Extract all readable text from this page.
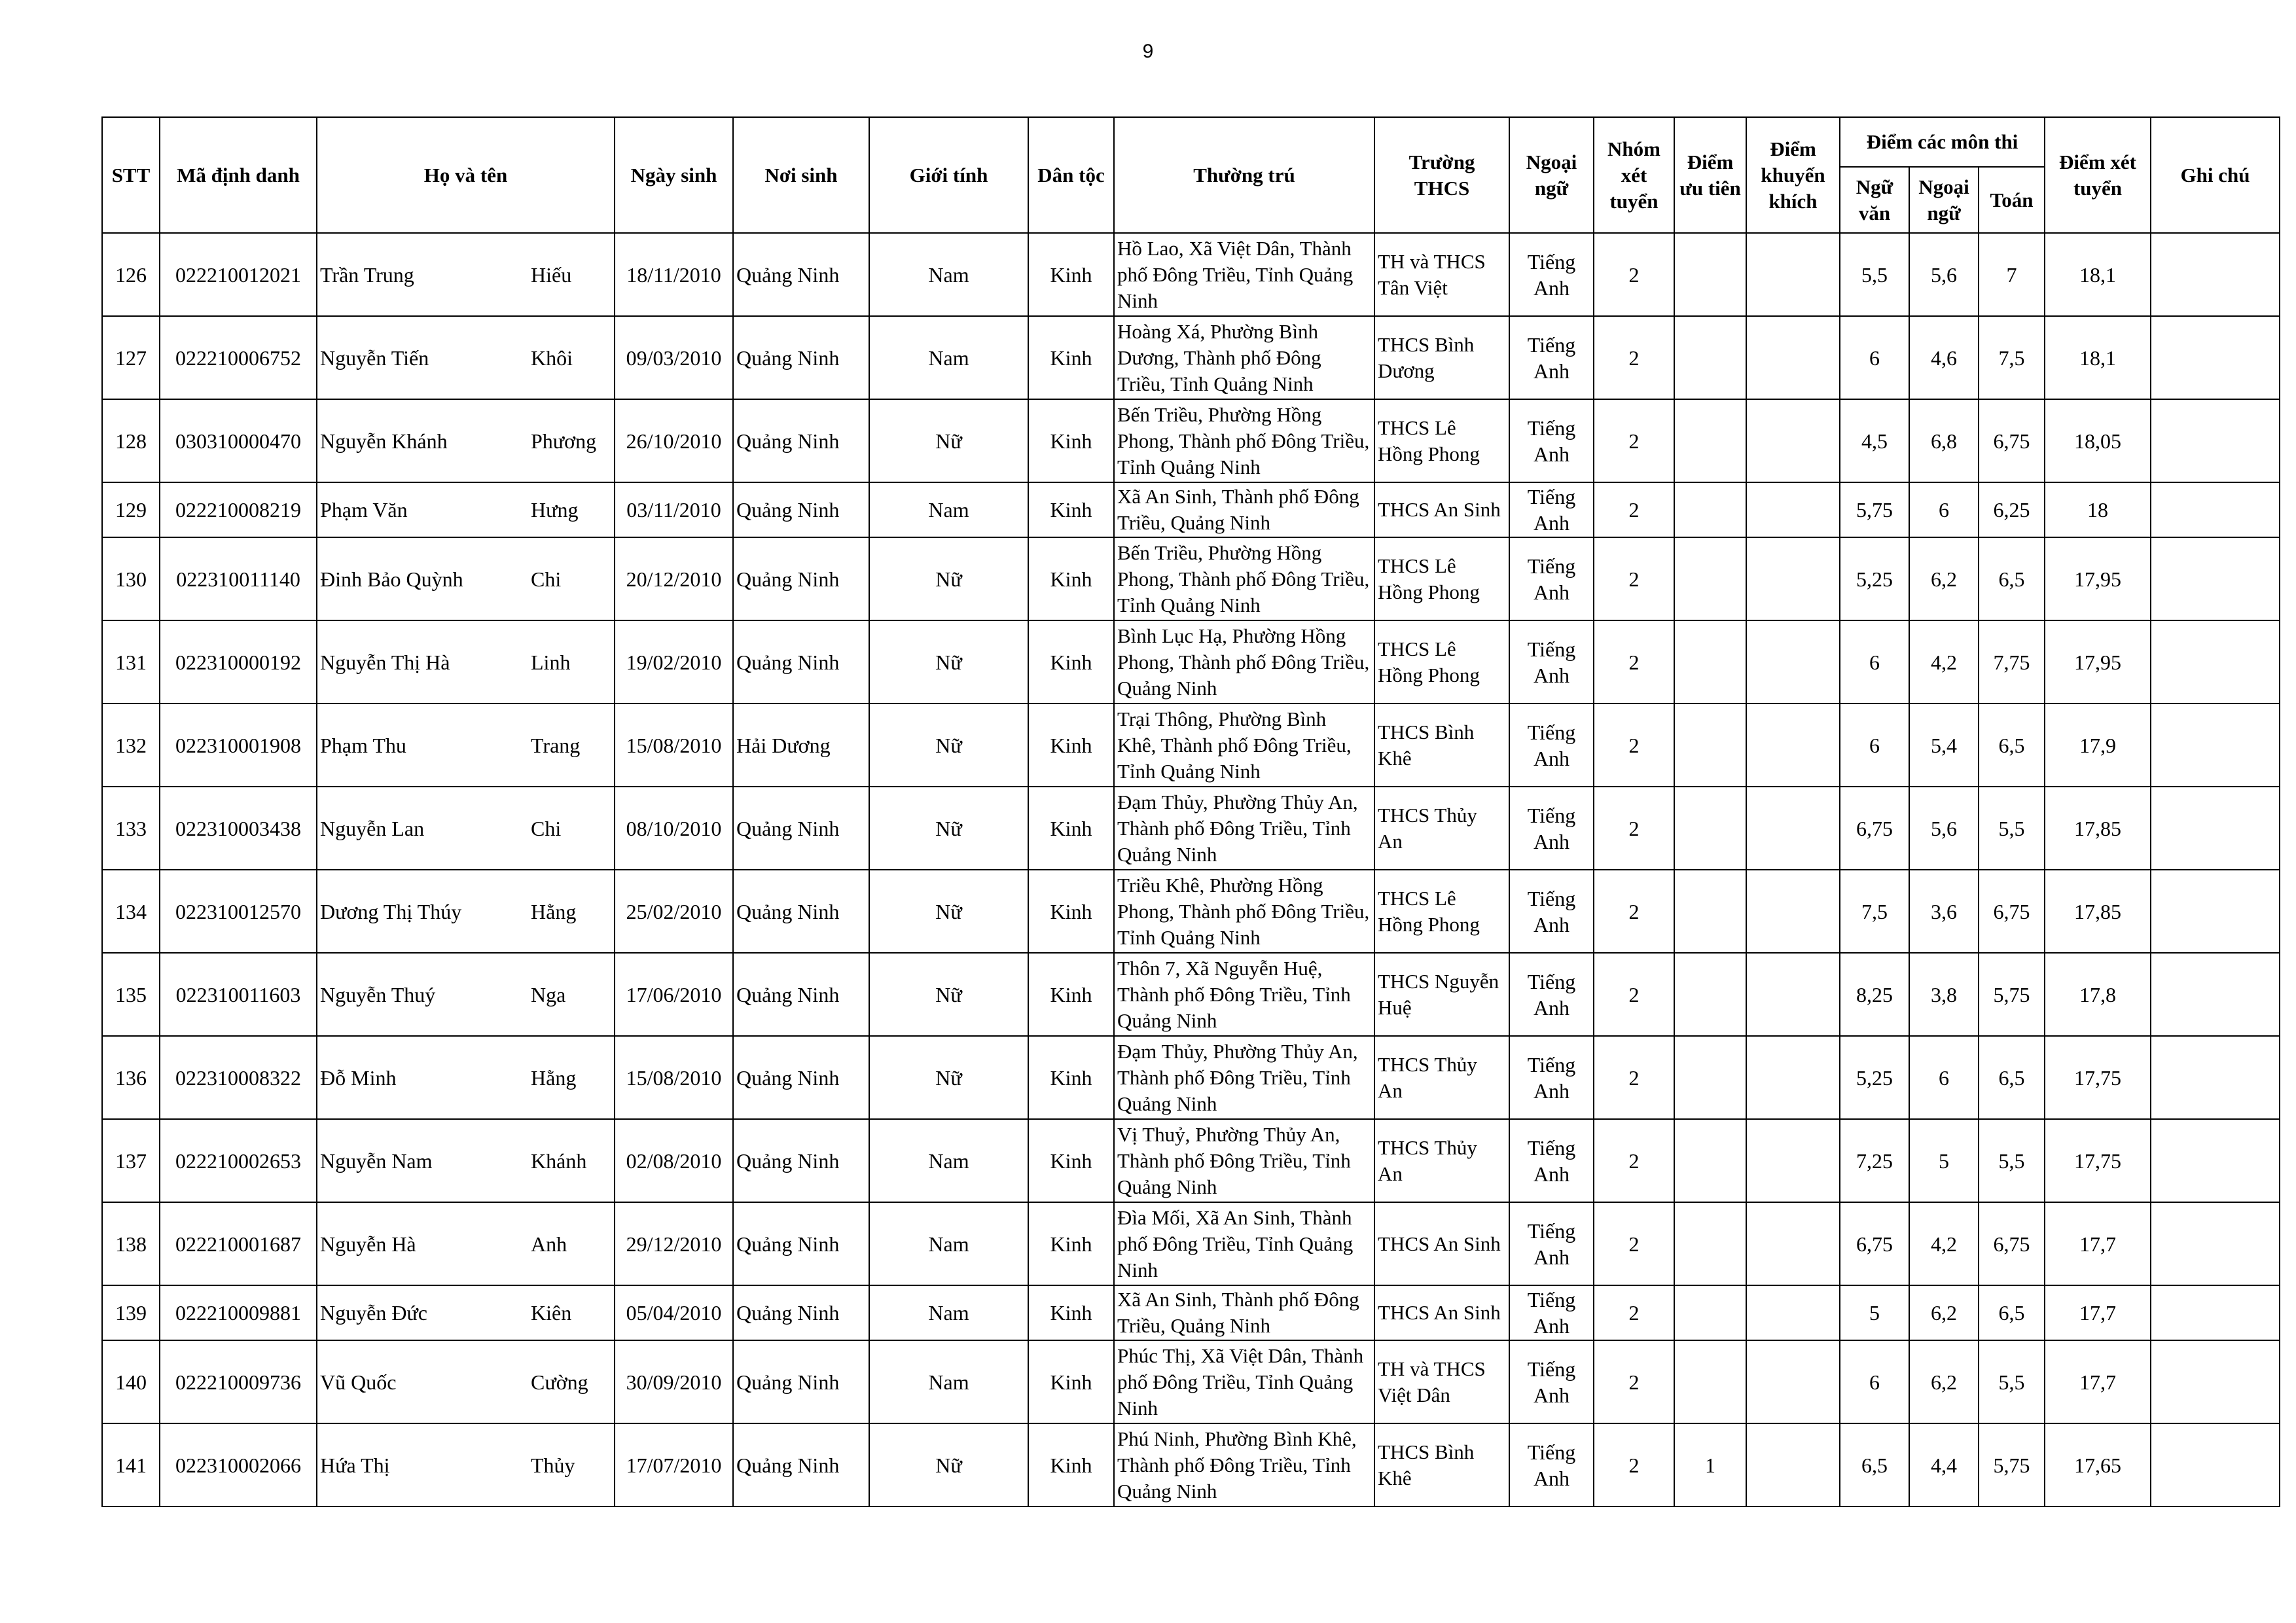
9
STT	Mã định danh	Họ và tên		Ngày sinh	Nơi sinh	Giới tính	Dân tộc	Thường trú	Trường THCS	Ngoại ngữ	Nhóm xét tuyển	Điểm ưu tiên	Điểm khuyến khích	Điểm các môn thi			Điểm xét tuyển	Ghi chú
														Ngữ văn	Ngoại ngữ	Toán		
126	022210012021	Trần Trung	Hiếu	18/11/2010	Quảng Ninh	Nam	Kinh	Hồ Lao, Xã Việt Dân, Thành phố Đông Triều, Tỉnh Quảng Ninh	TH và THCS Tân Việt	Tiếng Anh	2			5,5	5,6	7	18,1	
127	022210006752	Nguyễn Tiến	Khôi	09/03/2010	Quảng Ninh	Nam	Kinh	Hoàng Xá, Phường Bình Dương, Thành phố Đông Triều, Tỉnh Quảng Ninh	THCS Bình Dương	Tiếng Anh	2			6	4,6	7,5	18,1	
128	030310000470	Nguyễn Khánh	Phương	26/10/2010	Quảng Ninh	Nữ	Kinh	Bến Triều, Phường Hồng Phong, Thành phố Đông Triều, Tỉnh Quảng Ninh	THCS Lê Hồng Phong	Tiếng Anh	2			4,5	6,8	6,75	18,05	
129	022210008219	Phạm Văn	Hưng	03/11/2010	Quảng Ninh	Nam	Kinh	Xã An Sinh, Thành phố Đông Triều, Quảng Ninh	THCS An Sinh	Tiếng Anh	2			5,75	6	6,25	18	
130	022310011140	Đinh Bảo Quỳnh	Chi	20/12/2010	Quảng Ninh	Nữ	Kinh	Bến Triều, Phường Hồng Phong, Thành phố Đông Triều, Tỉnh Quảng Ninh	THCS Lê Hồng Phong	Tiếng Anh	2			5,25	6,2	6,5	17,95	
131	022310000192	Nguyễn Thị Hà	Linh	19/02/2010	Quảng Ninh	Nữ	Kinh	Bình Lục Hạ, Phường Hồng Phong, Thành phố Đông Triều, Quảng Ninh	THCS Lê Hồng Phong	Tiếng Anh	2			6	4,2	7,75	17,95	
132	022310001908	Phạm Thu	Trang	15/08/2010	Hải Dương	Nữ	Kinh	Trại Thông, Phường Bình Khê, Thành phố Đông Triều, Tỉnh Quảng Ninh	THCS Bình Khê	Tiếng Anh	2			6	5,4	6,5	17,9	
133	022310003438	Nguyễn Lan	Chi	08/10/2010	Quảng Ninh	Nữ	Kinh	Đạm Thủy, Phường Thủy An, Thành phố Đông Triều, Tỉnh Quảng Ninh	THCS Thủy An	Tiếng Anh	2			6,75	5,6	5,5	17,85	
134	022310012570	Dương Thị Thúy	Hằng	25/02/2010	Quảng Ninh	Nữ	Kinh	Triều Khê, Phường Hồng Phong, Thành phố Đông Triều, Tỉnh Quảng Ninh	THCS Lê Hồng Phong	Tiếng Anh	2			7,5	3,6	6,75	17,85	
135	022310011603	Nguyễn Thuý	Nga	17/06/2010	Quảng Ninh	Nữ	Kinh	Thôn 7, Xã Nguyễn Huệ, Thành phố Đông Triều, Tỉnh Quảng Ninh	THCS Nguyễn Huệ	Tiếng Anh	2			8,25	3,8	5,75	17,8	
136	022310008322	Đỗ Minh	Hằng	15/08/2010	Quảng Ninh	Nữ	Kinh	Đạm Thủy, Phường Thủy An, Thành phố Đông Triều, Tỉnh Quảng Ninh	THCS Thủy An	Tiếng Anh	2			5,25	6	6,5	17,75	
137	022210002653	Nguyễn Nam	Khánh	02/08/2010	Quảng Ninh	Nam	Kinh	Vị Thuỷ, Phường Thủy An, Thành phố Đông Triều, Tỉnh Quảng Ninh	THCS Thủy An	Tiếng Anh	2			7,25	5	5,5	17,75	
138	022210001687	Nguyễn Hà	Anh	29/12/2010	Quảng Ninh	Nam	Kinh	Đìa Mối, Xã An Sinh, Thành phố Đông Triều, Tỉnh Quảng Ninh	THCS An Sinh	Tiếng Anh	2			6,75	4,2	6,75	17,7	
139	022210009881	Nguyễn Đức	Kiên	05/04/2010	Quảng Ninh	Nam	Kinh	Xã An Sinh, Thành phố Đông Triều, Quảng Ninh	THCS An Sinh	Tiếng Anh	2			5	6,2	6,5	17,7	
140	022210009736	Vũ Quốc	Cường	30/09/2010	Quảng Ninh	Nam	Kinh	Phúc Thị, Xã Việt Dân, Thành phố Đông Triều, Tỉnh Quảng Ninh	TH và THCS Việt Dân	Tiếng Anh	2			6	6,2	5,5	17,7	
141	022310002066	Hứa Thị	Thủy	17/07/2010	Quảng Ninh	Nữ	Kinh	Phú Ninh, Phường Bình Khê, Thành phố Đông Triều, Tỉnh Quảng Ninh	THCS Bình Khê	Tiếng Anh	2	1		6,5	4,4	5,75	17,65	
